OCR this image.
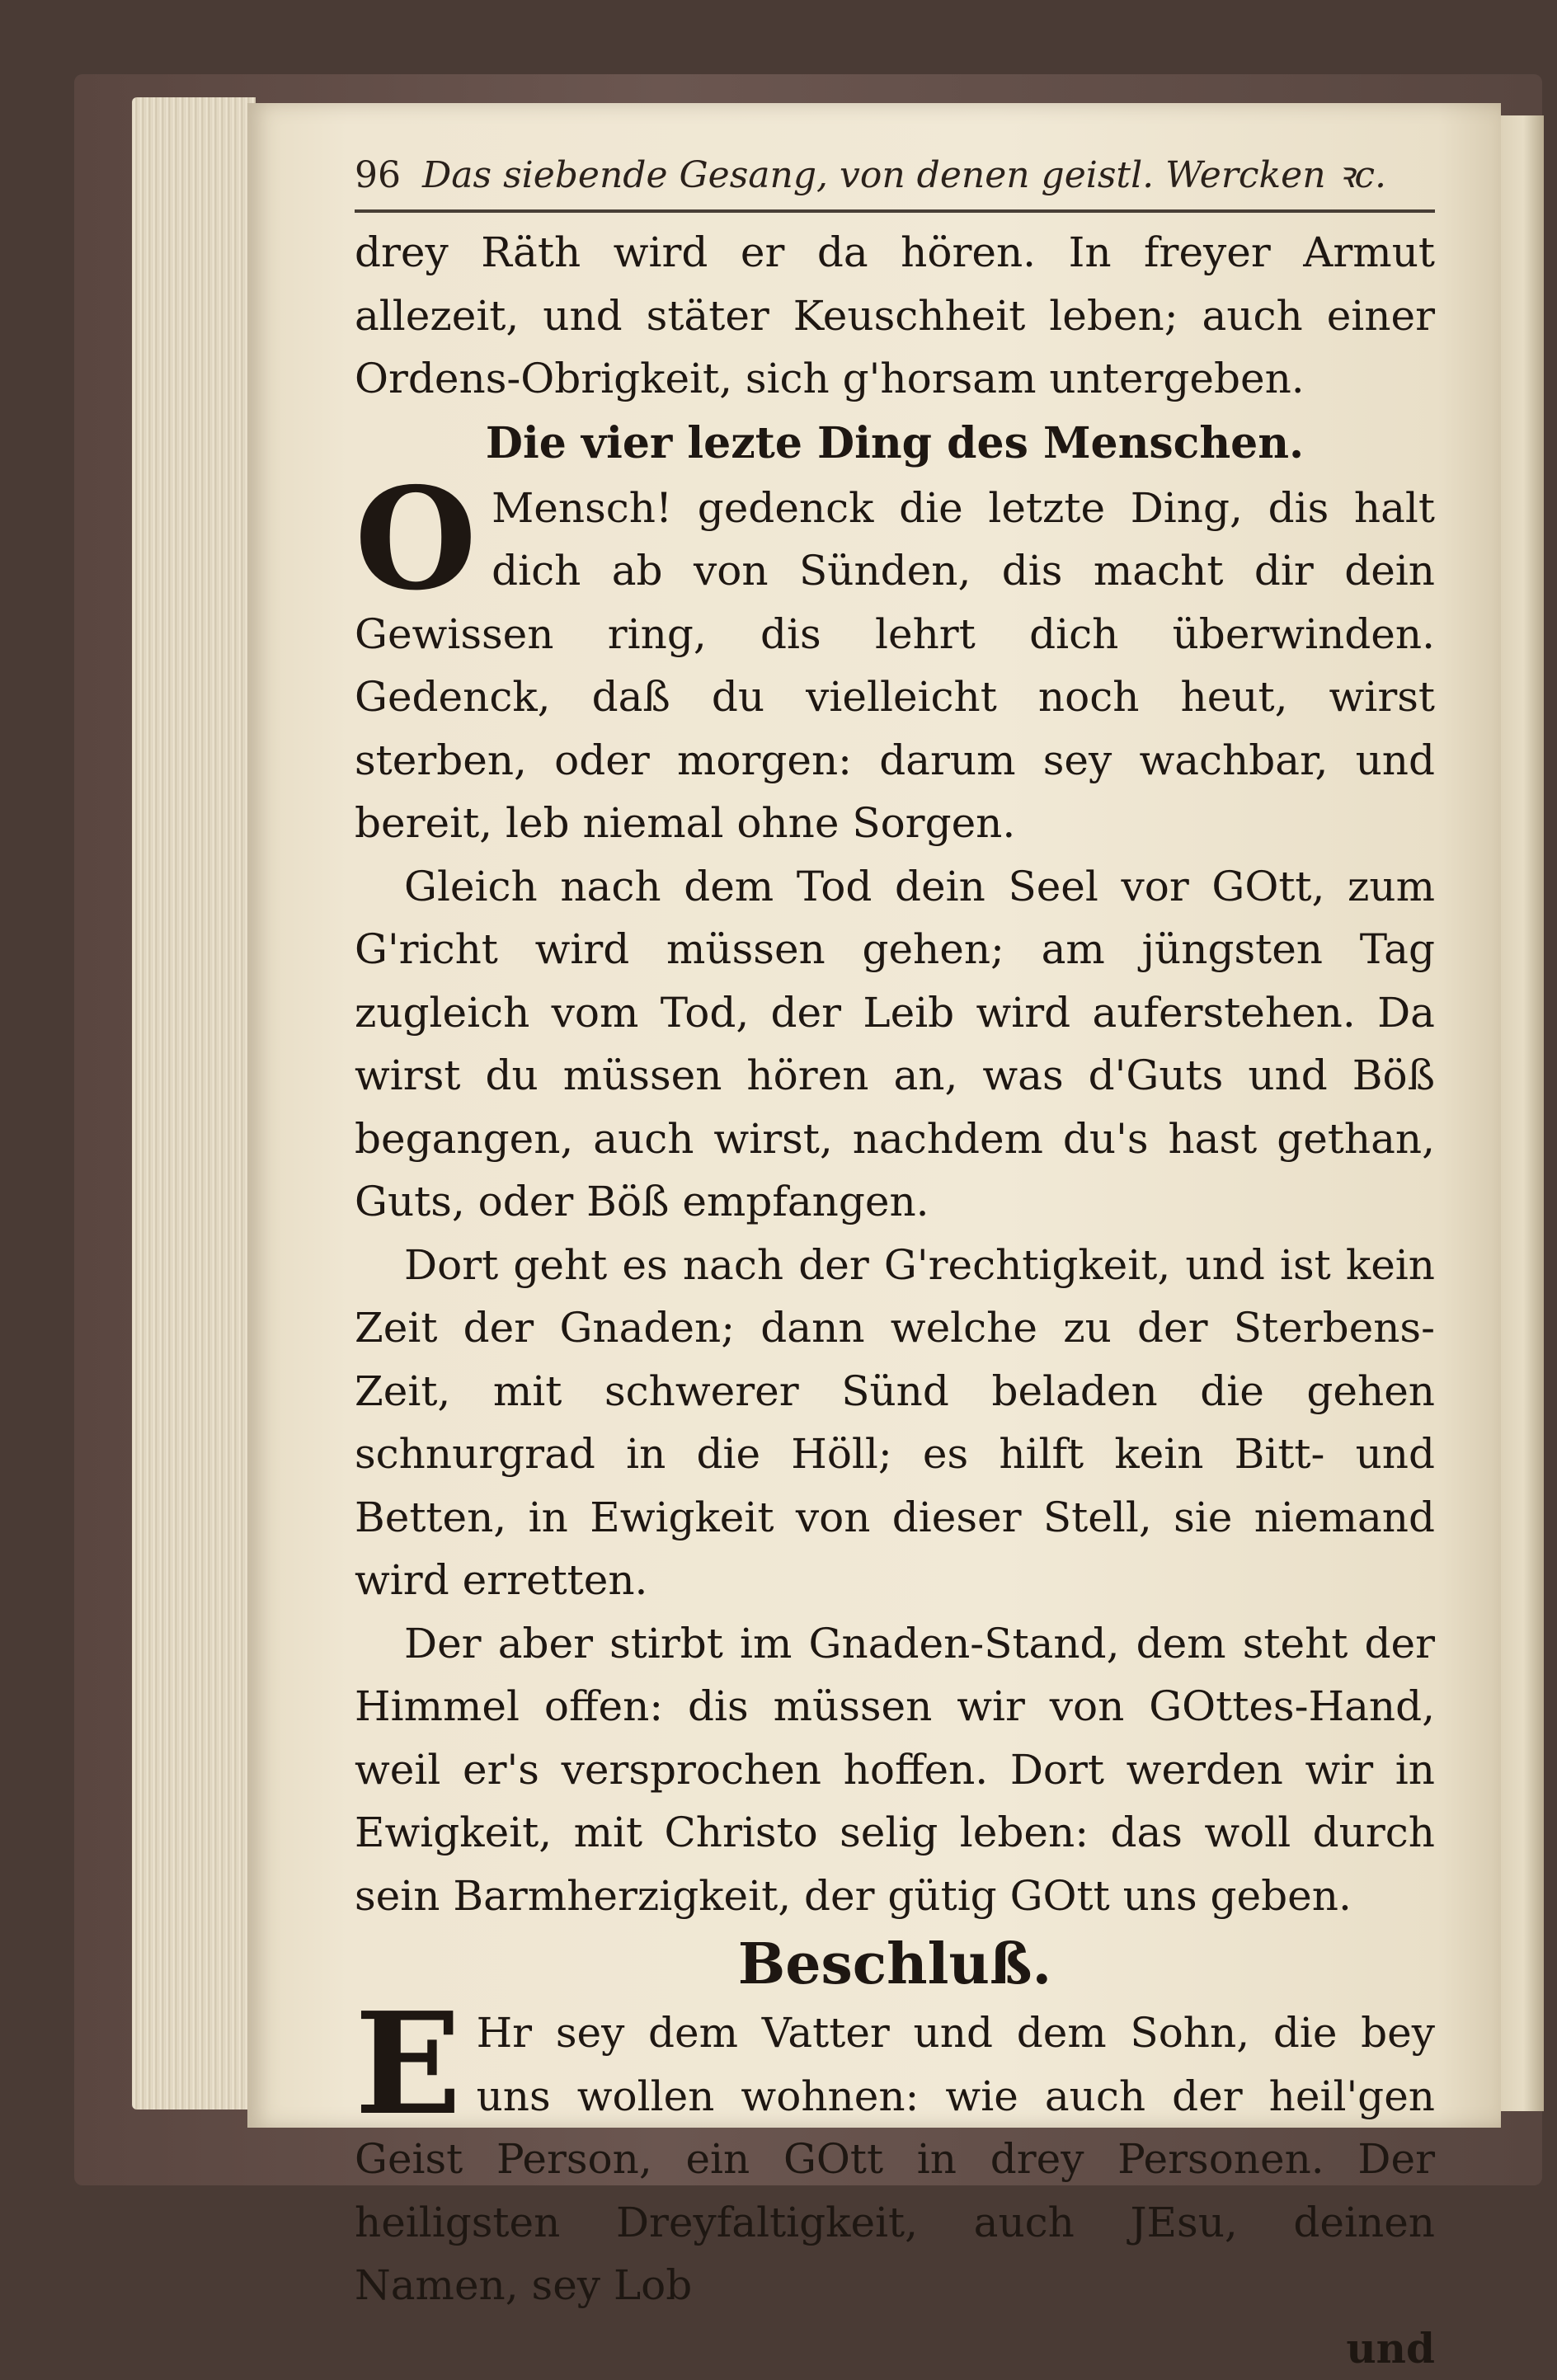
96 Das siebende Gesang, von denen geistl. Wercken ꝛc.

drey Räth wird er da hören. In freyer Armut allezeit, und stäter Keuschheit leben; auch einer Ordens-Obrigkeit, sich g'horsam untergeben.

Die vier lezte Ding des Menschen.

O Mensch! gedenck die letzte Ding, dis halt dich ab von Sünden, dis macht dir dein Gewissen ring, dis lehrt dich überwinden. Gedenck, daß du vielleicht noch heut, wirst sterben, oder morgen: darum sey wachbar, und bereit, leb niemal ohne Sorgen.

Gleich nach dem Tod dein Seel vor GOtt, zum G'richt wird müssen gehen; am jüngsten Tag zugleich vom Tod, der Leib wird auferstehen. Da wirst du müssen hören an, was d'Guts und Böß begangen, auch wirst, nachdem du's hast gethan, Guts, oder Böß empfangen.

Dort geht es nach der G'rechtigkeit, und ist kein Zeit der Gnaden; dann welche zu der Sterbens-Zeit, mit schwerer Sünd beladen die gehen schnurgrad in die Höll; es hilft kein Bitt- und Betten, in Ewigkeit von dieser Stell, sie niemand wird erretten.

Der aber stirbt im Gnaden-Stand, dem steht der Himmel offen: dis müssen wir von GOttes-Hand, weil er's versprochen hoffen. Dort werden wir in Ewigkeit, mit Christo selig leben: das woll durch sein Barmherzigkeit, der gütig GOtt uns geben.

Beschluß.

E Hr sey dem Vatter und dem Sohn, die bey uns wollen wohnen: wie auch der heil'gen Geist Person, ein GOtt in drey Personen. Der heiligsten Dreyfaltigkeit, auch JEsu, deinen Namen, sey Lob

und
